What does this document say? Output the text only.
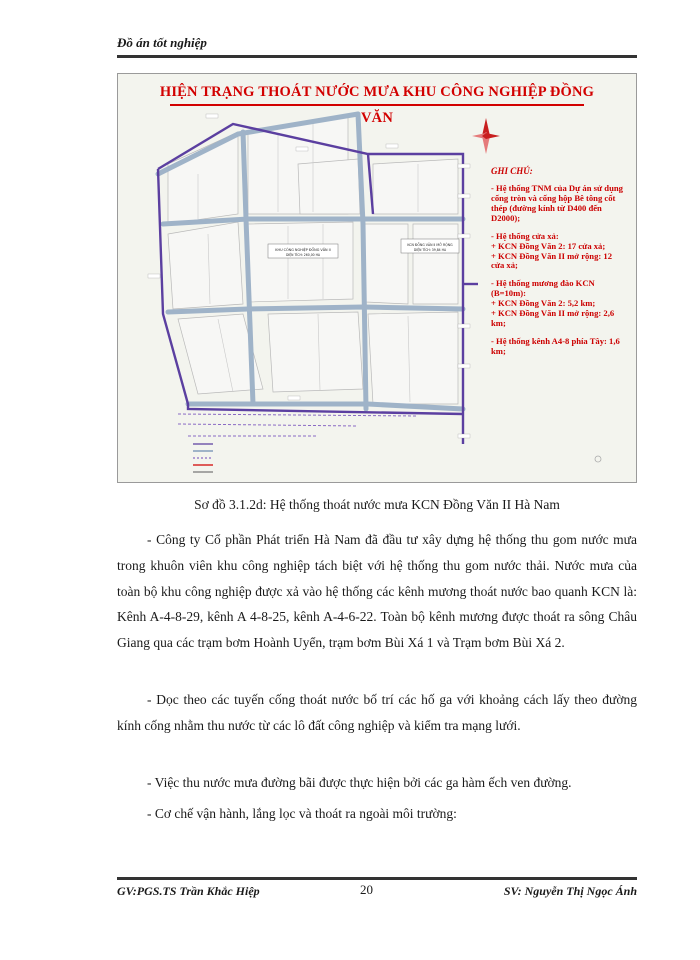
Đồ án tốt nghiệp
KHU CÔNG NGHIỆP ĐỒNG VĂN II
DIỆN TÍCH: 260,00 HA
KCN ĐỒNG VĂN II MỞ RỘNG
DIỆN TÍCH: 39,84 HA
HIỆN TRẠNG THOÁT NƯỚC MƯA KHU CÔNG NGHIỆP ĐỒNG VĂN
GHI CHÚ:

- Hệ thống TNM của Dự án sử dụng cống tròn và cống hộp Bê tông cốt thép (đường kính từ D400 đến D2000);

- Hệ thống cửa xả:

+ KCN Đồng Văn 2: 17 cửa xả;

+ KCN Đồng Văn II mở rộng: 12 cửa xả;

- Hệ thống mương đào KCN (B=10m):

+ KCN Đồng Văn 2: 5,2 km;

+ KCN Đồng Văn II mở rộng: 2,6 km;

- Hệ thống kênh A4-8 phía Tây: 1,6 km;

Sơ đồ 3.1.2d: Hệ thống thoát nước mưa KCN Đồng Văn II Hà Nam

- Công ty Cổ phần Phát triển Hà Nam đã đầu tư xây dựng hệ thống thu gom nước mưa trong khuôn viên khu công nghiệp tách biệt với hệ thống thu gom nước thải. Nước mưa của toàn bộ khu công nghiệp được xả vào hệ thống các kênh mương thoát nước bao quanh KCN là: Kênh A-4-8-29, kênh A 4-8-25, kênh A-4-6-22. Toàn bộ kênh mương được thoát ra sông Châu Giang qua các trạm bơm Hoành Uyển, trạm bơm Bùi Xá 1 và Trạm bơm Bùi Xá 2.

- Dọc theo các tuyến cống thoát nước bố trí các hố ga với khoảng cách lấy theo đường kính cống nhằm thu nước từ các lô đất công nghiệp và kiểm tra mạng lưới.

- Việc thu nước mưa đường bãi được thực hiện bởi các ga hàm ếch ven đường.

- Cơ chế vận hành, lắng lọc và thoát ra ngoài môi trường:

GV:PGS.TS Trần Khắc Hiệp	20	SV: Nguyễn Thị Ngọc Ánh
